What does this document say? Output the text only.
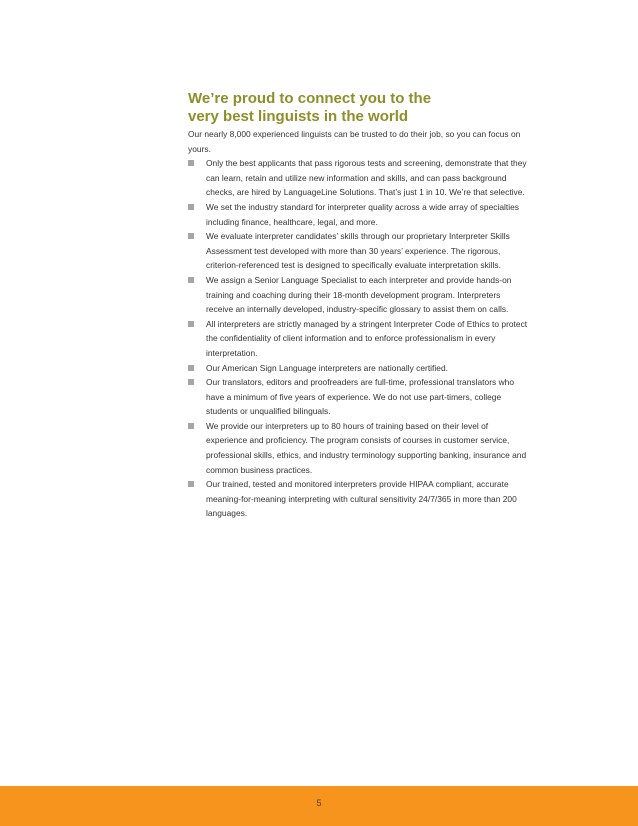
We’re proud to connect you to the
very best linguists in the world

Our nearly 8,000 experienced linguists can be trusted to do their job, so you can focus on yours.

Only the best applicants that pass rigorous tests and screening, demonstrate that they can learn, retain and utilize new information and skills, and can pass background checks, are hired by LanguageLine Solutions. That’s just 1 in 10. We’re that selective.
We set the industry standard for interpreter quality across a wide array of specialties including finance, healthcare, legal, and more.
We evaluate interpreter candidates’ skills through our proprietary Interpreter Skills Assessment test developed with more than 30 years’ experience. The rigorous, criterion-referenced test is designed to specifically evaluate interpretation skills.
We assign a Senior Language Specialist to each interpreter and provide hands-on training and coaching during their 18-month development program. Interpreters receive an internally developed, industry-specific glossary to assist them on calls.
All interpreters are strictly managed by a stringent Interpreter Code of Ethics to protect the confidentiality of client information and to enforce professionalism in every interpretation.
Our American Sign Language interpreters are nationally certified.
Our translators, editors and proofreaders are full-time, professional translators who have a minimum of five years of experience. We do not use part-timers, college students or unqualified bilinguals.
We provide our interpreters up to 80 hours of training based on their level of experience and proficiency. The program consists of courses in customer service, professional skills, ethics, and industry terminology supporting banking, insurance and common business practices.
Our trained, tested and monitored interpreters provide HIPAA compliant, accurate meaning-for-meaning interpreting with cultural sensitivity 24/7/365 in more than 200 languages.
5
